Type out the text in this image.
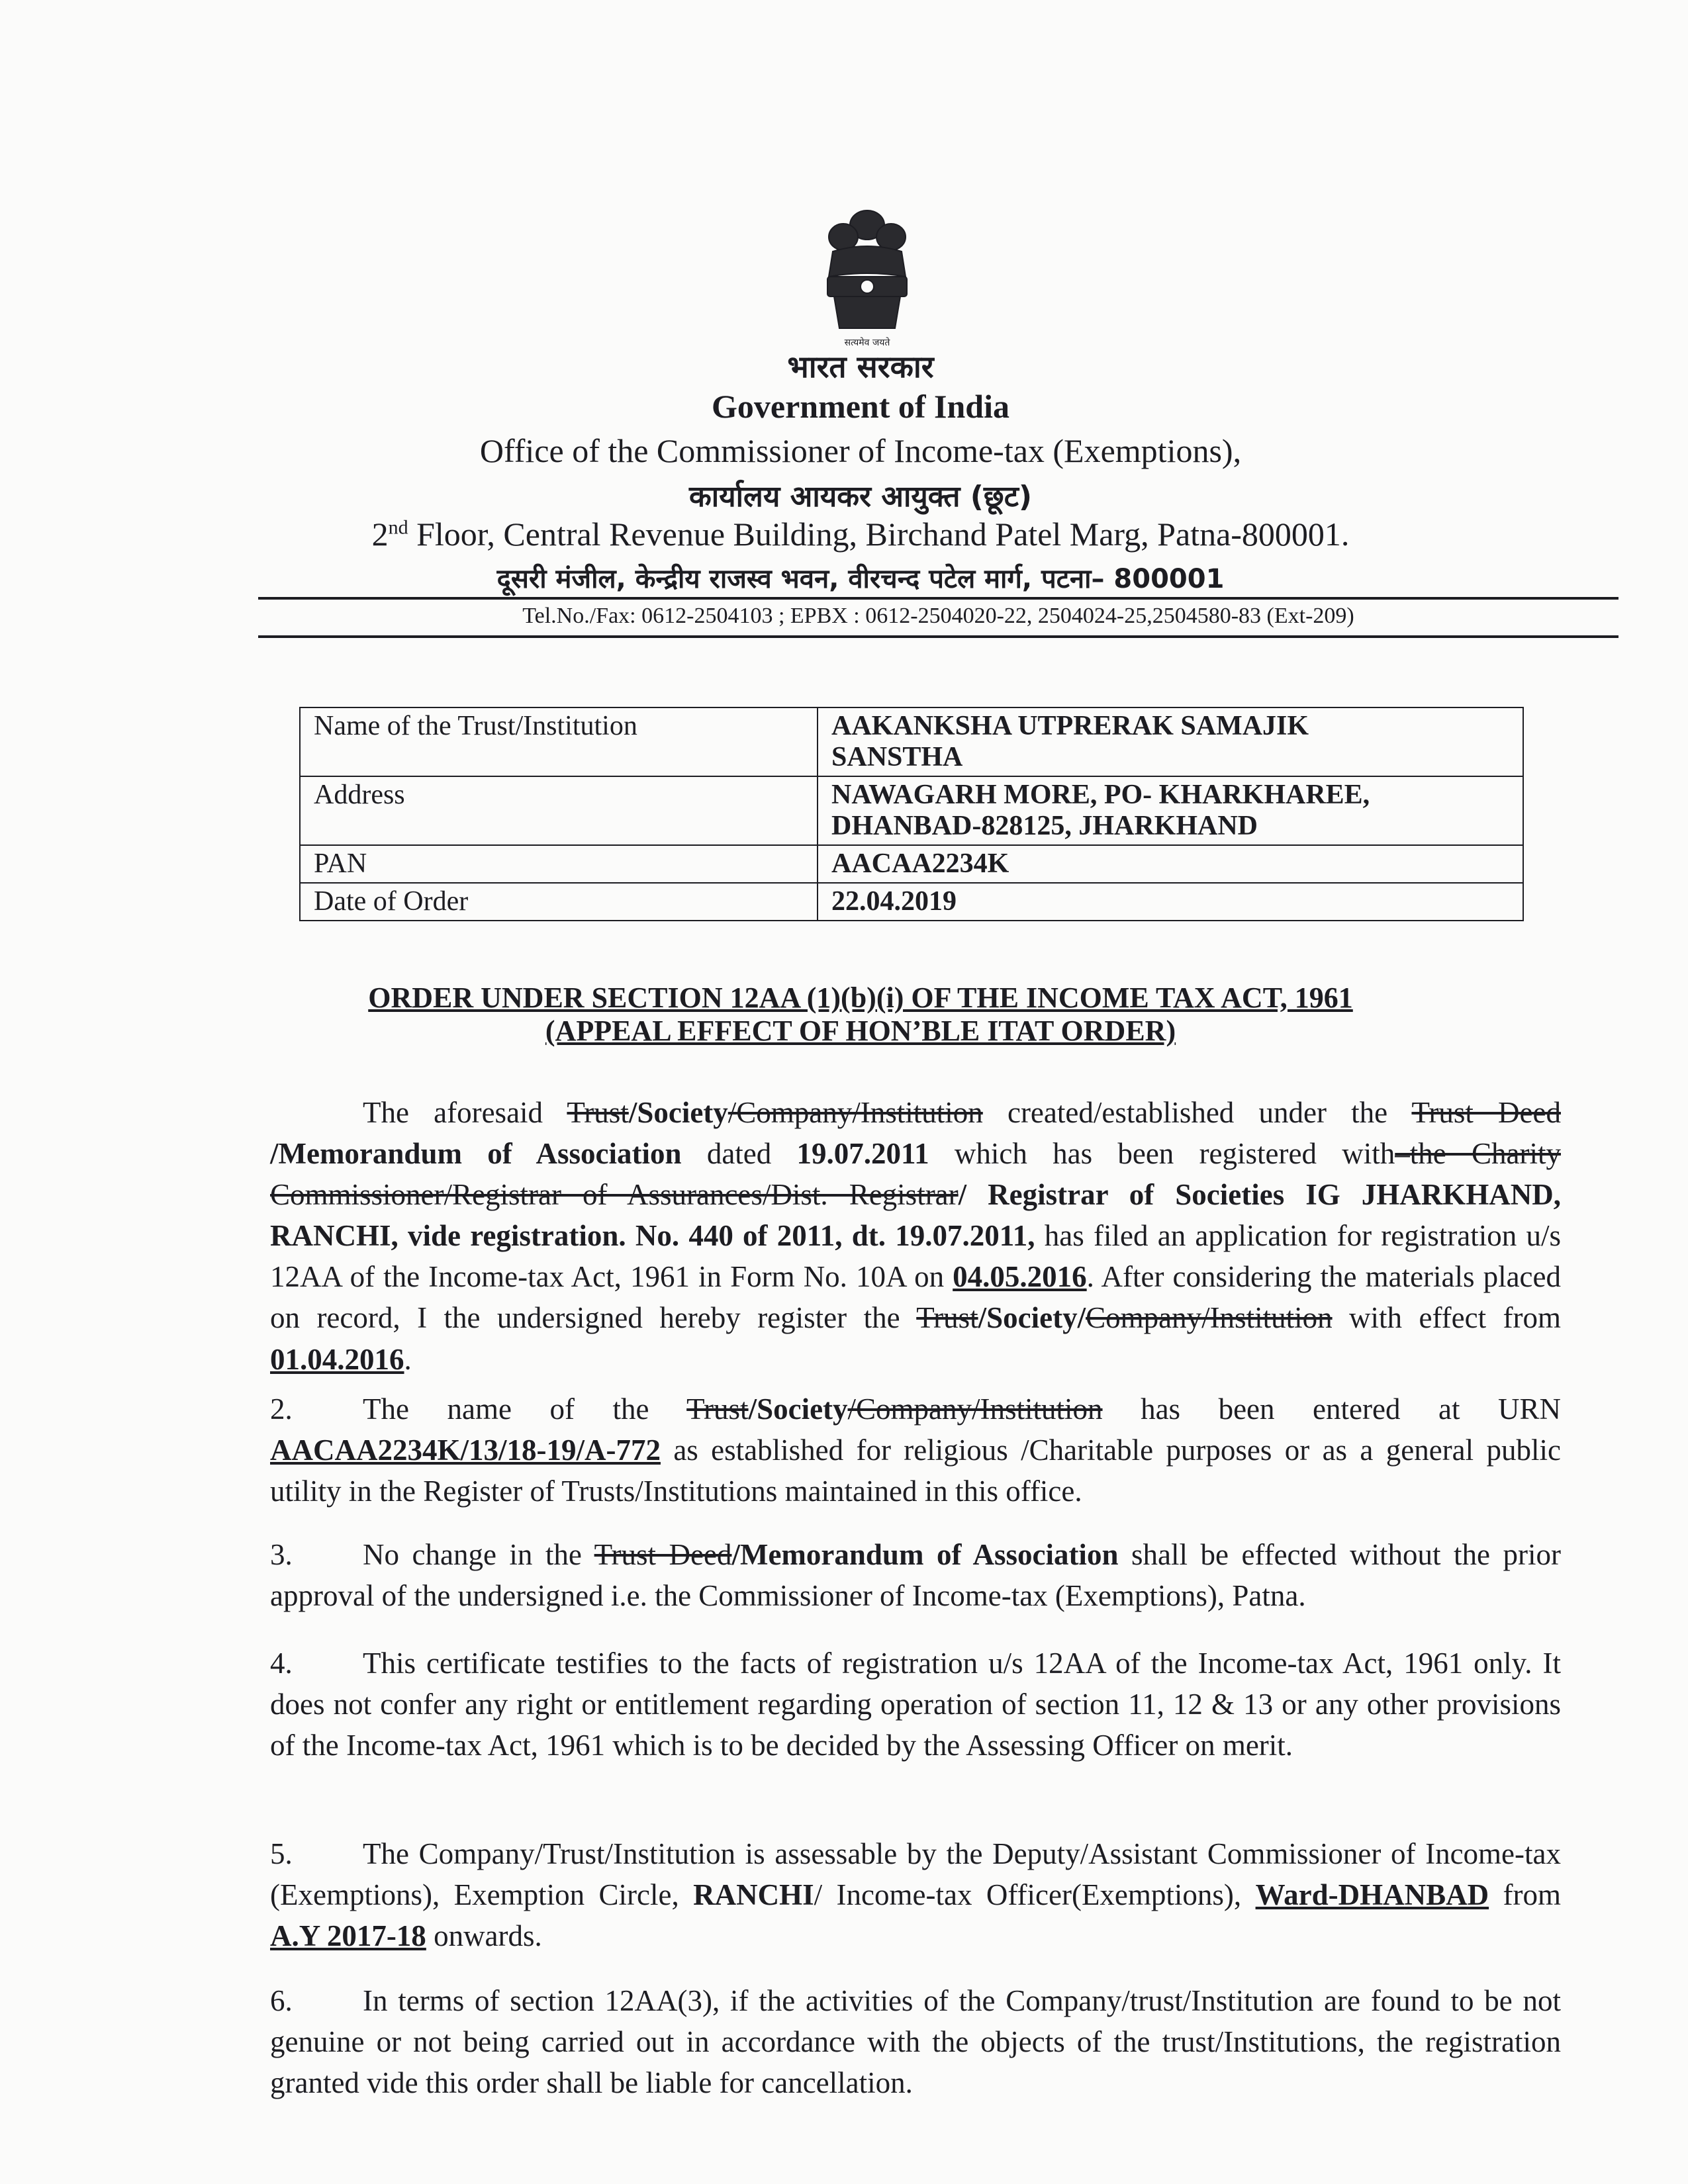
सत्यमेव जयते
भारत सरकार
Government of India
Office of the Commissioner of Income-tax (Exemptions),
कार्यालय आयकर आयुक्त (छूट)
2nd Floor, Central Revenue Building, Birchand Patel Marg, Patna-800001.
दूसरी मंजील, केन्द्रीय राजस्व भवन, वीरचन्द पटेल मार्ग, पटना– 800001
Tel.No./Fax: 0612-2504103 ; EPBX : 0612-2504020-22, 2504024-25,2504580-83 (Ext-209)
Name of the Trust/Institution	AAKANKSHA UTPRERAK SAMAJIK
SANSTHA
Address	NAWAGARH MORE, PO- KHARKHAREE,
DHANBAD-828125, JHARKHAND
PAN	AACAA2234K
Date of Order	22.04.2019
ORDER UNDER SECTION 12AA (1)(b)(i) OF THE INCOME TAX ACT, 1961
(APPEAL EFFECT OF HON’BLE ITAT ORDER)
The aforesaid Trust/Society/Company/Institution created/established under the Trust Deed /Memorandum of Association dated 19.07.2011 which has been registered with–the Charity Commissioner/Registrar of Assurances/Dist. Registrar/ Registrar of Societies IG JHARKHAND, RANCHI, vide registration. No. 440 of 2011, dt. 19.07.2011, has filed an application for registration u/s 12AA of the Income-tax Act, 1961 in Form No. 10A on 04.05.2016. After considering the materials placed on record, I the undersigned hereby register the Trust/Society/Company/Institution with effect from 01.04.2016.
2. The name of the Trust/Society/Company/Institution has been entered at URN AACAA2234K/13/18-19/A-772 as established for religious /Charitable purposes or as a general public utility in the Register of Trusts/Institutions maintained in this office.
3. No change in the Trust Deed/Memorandum of Association shall be effected without the prior approval of the undersigned i.e. the Commissioner of Income-tax (Exemptions), Patna.
4. This certificate testifies to the facts of registration u/s 12AA of the Income-tax Act, 1961 only. It does not confer any right or entitlement regarding operation of section 11, 12 & 13 or any other provisions of the Income-tax Act, 1961 which is to be decided by the Assessing Officer on merit.
5. The Company/Trust/Institution is assessable by the Deputy/Assistant Commissioner of Income-tax (Exemptions), Exemption Circle, RANCHI/ Income-tax Officer(Exemptions), Ward-DHANBAD from A.Y 2017-18 onwards.
6. In terms of section 12AA(3), if the activities of the Company/trust/Institution are found to be not genuine or not being carried out in accordance with the objects of the trust/Institutions, the registration granted vide this order shall be liable for cancellation.
